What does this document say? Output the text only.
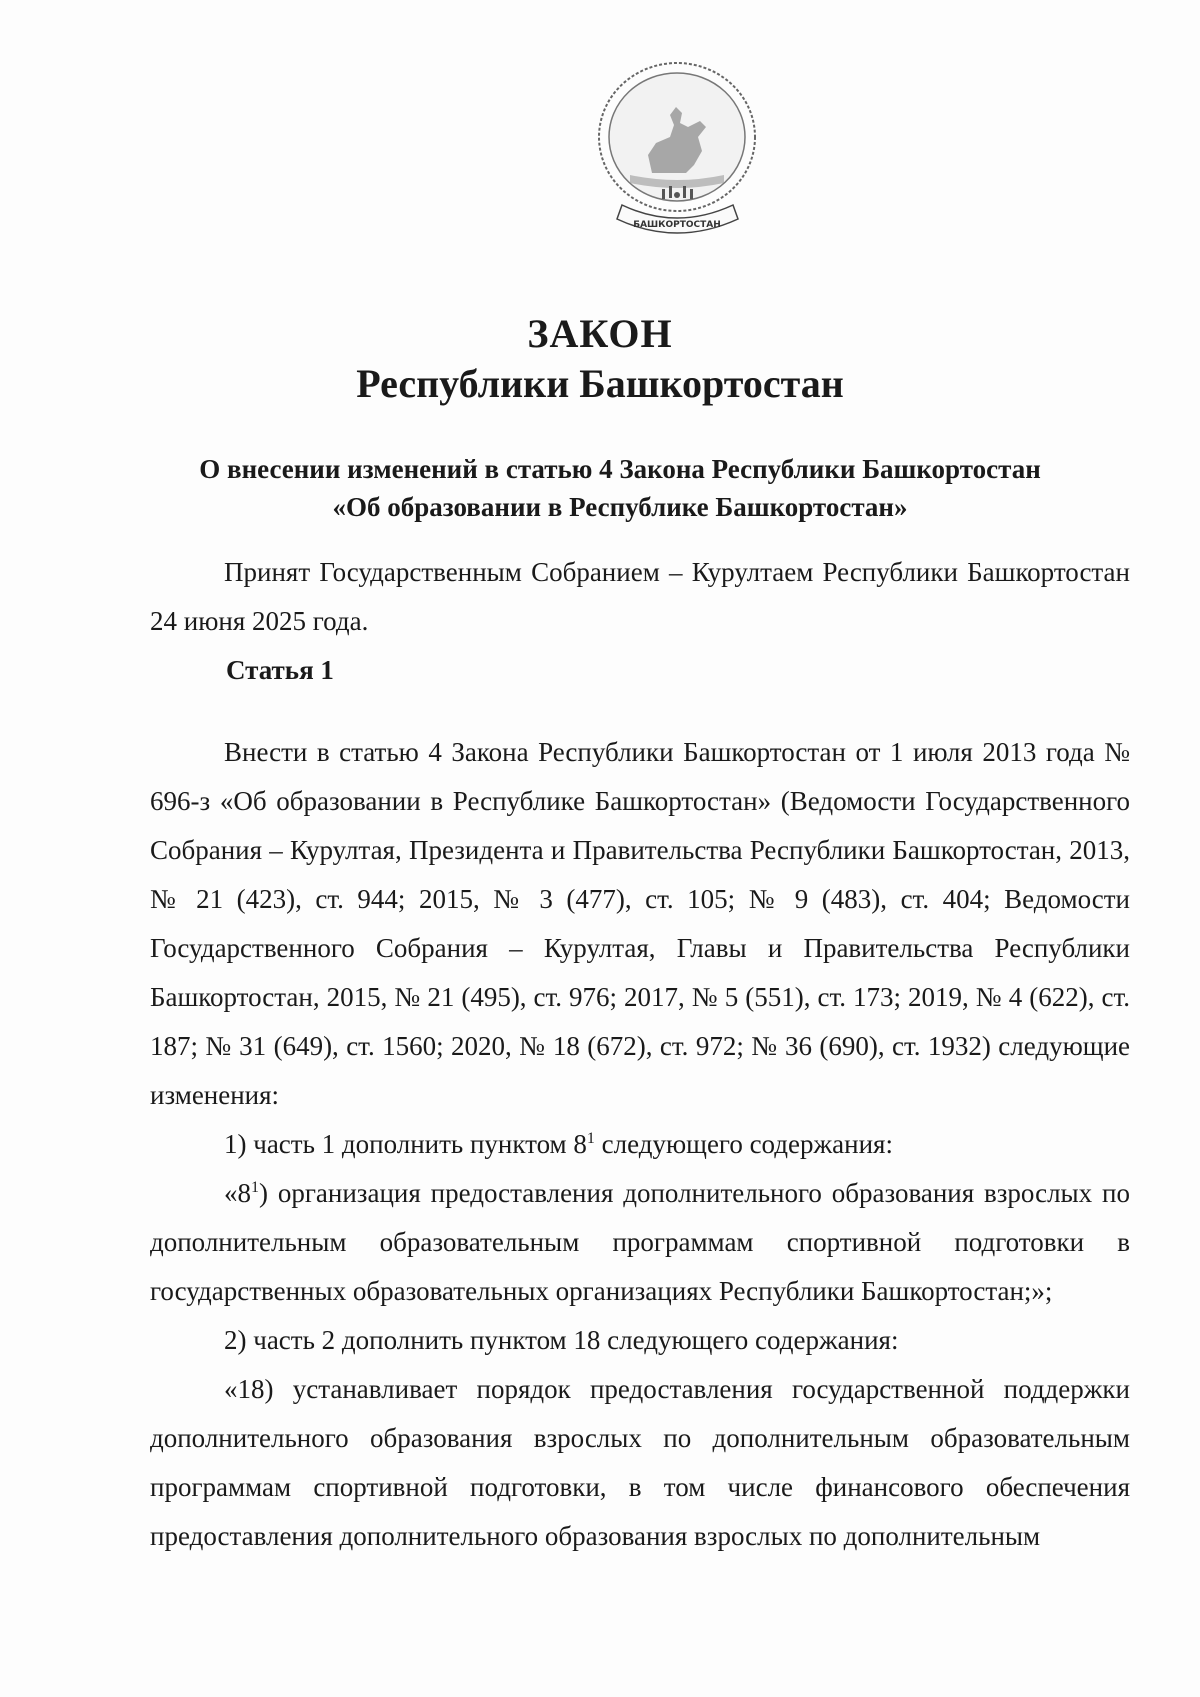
БАШКОРТОСТАН
ЗАКОН
Республики Башкортостан
О внесении изменений в статью 4 Закона Республики Башкортостан
«Об образовании в Республике Башкортостан»

Принят Государственным Собранием – Курултаем Республики Башкортостан 24 июня 2025 года.

Статья 1

Внести в статью 4 Закона Республики Башкортостан от 1 июля 2013 года № 696-з «Об образовании в Республике Башкортостан» (Ведомости Государственного Собрания – Курултая, Президента и Правительства Республики Башкортостан, 2013, № 21 (423), ст. 944; 2015, № 3 (477), ст. 105; № 9 (483), ст. 404; Ведомости Государственного Собрания – Курултая, Главы и Правительства Республики Башкортостан, 2015, № 21 (495), ст. 976; 2017, № 5 (551), ст. 173; 2019, № 4 (622), ст. 187; № 31 (649), ст. 1560; 2020, № 18 (672), ст. 972; № 36 (690), ст. 1932) следующие изменения:

1) часть 1 дополнить пунктом $8^1$ следующего содержания:

«$8^1$) организация предоставления дополнительного образования взрослых по дополнительным образовательным программам спортивной подготовки в государственных образовательных организациях Республики Башкортостан;»;

2) часть 2 дополнить пунктом 18 следующего содержания:

«18) устанавливает порядок предоставления государственной поддержки дополнительного образования взрослых по дополнительным образовательным программам спортивной подготовки, в том числе финансового обеспечения предоставления дополнительного образования взрослых по дополнительным
